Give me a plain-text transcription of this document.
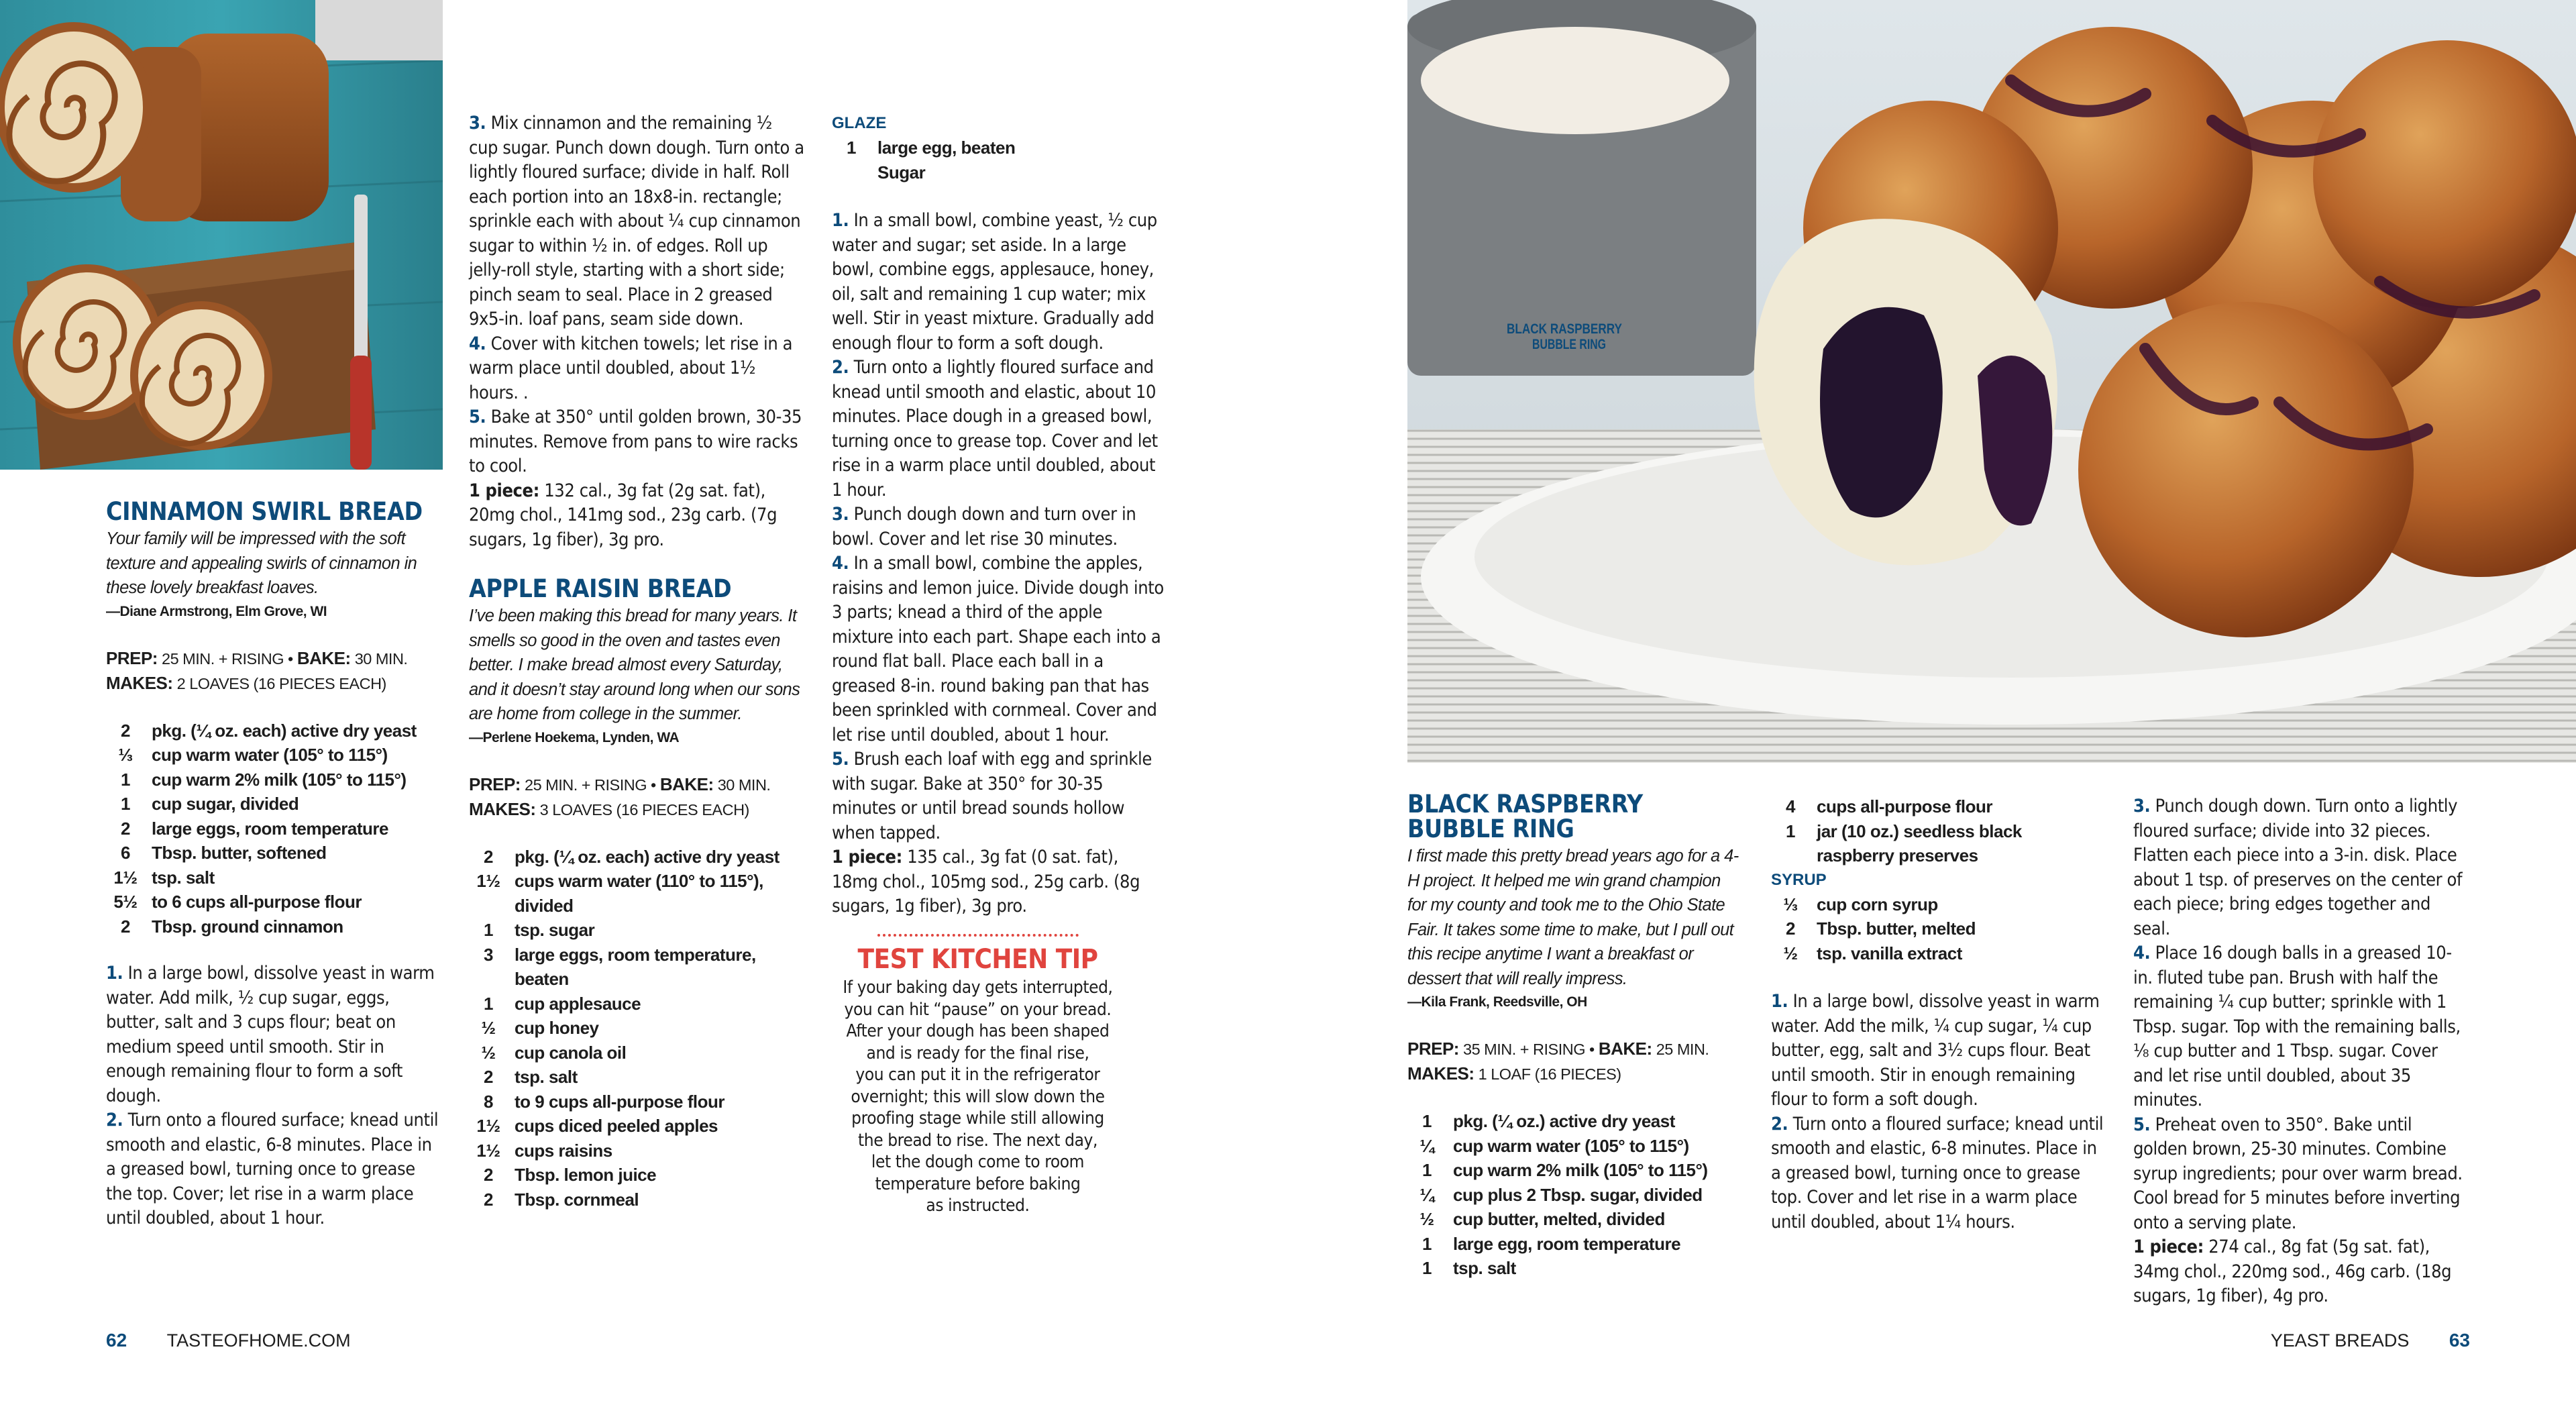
CINNAMON SWIRL BREAD
Your family will be impressed with the soft texture and appealing swirls of cinnamon in these lovely breakfast loaves.
—Diane Armstrong, Elm Grove, WI
PREP: 25 MIN. + RISING • BAKE: 30 MIN.
MAKES: 2 LOAVES (16 PIECES EACH)
2	pkg. (¼ oz. each) active dry yeast
⅓	cup warm water (105° to 115°)
1	cup warm 2% milk (105° to 115°)
1	cup sugar, divided
2	large eggs, room temperature
6	Tbsp. butter, softened
1½ tsp. salt
5½ to 6 cups all-purpose flour
2	Tbsp. ground cinnamon

1. In a large bowl, dissolve yeast in warm water. Add milk, ½ cup sugar, eggs, butter, salt and 3 cups flour; beat on medium speed until smooth. Stir in enough remaining flour to form a soft dough.

2. Turn onto a floured surface; knead until smooth and elastic, 6-8 minutes. Place in a greased bowl, turning once to grease the top. Cover; let rise in a warm place until doubled, about 1 hour.

3. Mix cinnamon and the remaining ½ cup sugar. Punch down dough. Turn onto a lightly floured surface; divide in half. Roll each portion into an 18x8-in. rectangle; sprinkle each with about ¼ cup cinnamon sugar to within ½ in. of edges. Roll up jelly-roll style, starting with a short side; pinch seam to seal. Place in 2 greased 9x5-in. loaf pans, seam side down.

4. Cover with kitchen towels; let rise in a warm place until doubled, about 1½ hours. .

5. Bake at 350° until golden brown, 30-35 minutes. Remove from pans to wire racks to cool.

1 piece: 132 cal., 3g fat (2g sat. fat), 20mg chol., 141mg sod., 23g carb. (7g sugars, 1g fiber), 3g pro.

APPLE RAISIN BREAD
I’ve been making this bread for many years. It smells so good in the oven and tastes even better. I make bread almost every Saturday, and it doesn’t stay around long when our sons are home from college in the summer.
—Perlene Hoekema, Lynden, WA
PREP: 25 MIN. + RISING • BAKE: 30 MIN.
MAKES: 3 LOAVES (16 PIECES EACH)
2	pkg. (¼ oz. each) active dry yeast
1½ cups warm water (110° to 115°), divided
1	tsp. sugar
3	large eggs, room temperature, beaten
1	cup applesauce
½	cup honey
½	cup canola oil
2	tsp. salt
8	to 9 cups all-purpose flour
1½ cups diced peeled apples
1½ cups raisins
2	Tbsp. lemon juice
2	Tbsp. cornmeal
GLAZE
1	large egg, beaten
Sugar

1. In a small bowl, combine yeast, ½ cup water and sugar; set aside. In a large bowl, combine eggs, applesauce, honey, oil, salt and remaining 1 cup water; mix well. Stir in yeast mixture. Gradually add enough flour to form a soft dough.

2. Turn onto a lightly floured surface and knead until smooth and elastic, about 10 minutes. Place dough in a greased bowl, turning once to grease top. Cover and let rise in a warm place until doubled, about 1 hour.

3. Punch dough down and turn over in bowl. Cover and let rise 30 minutes.

4. In a small bowl, combine the apples, raisins and lemon juice. Divide dough into 3 parts; knead a third of the apple mixture into each part. Shape each into a round flat ball. Place each ball in a greased 8-in. round baking pan that has been sprinkled with cornmeal. Cover and let rise until doubled, about 1 hour.

5. Brush each loaf with egg and sprinkle with sugar. Bake at 350° for 30-35 minutes or until bread sounds hollow when tapped.

1 piece: 135 cal., 3g fat (0 sat. fat), 18mg chol., 105mg sod., 25g carb. (8g sugars, 1g fiber), 3g pro.

TEST KITCHEN TIP
If your baking day gets interrupted,
you can hit “pause” on your bread.
After your dough has been shaped
and is ready for the final rise,
you can put it in the refrigerator
overnight; this will slow down the
proofing stage while still allowing
the bread to rise. The next day,
let the dough come to room
temperature before baking
as instructed.
62 TASTEOFHOME.COM
BLACK RASPBERRY
BUBBLE RING
BLACK RASPBERRY
BUBBLE RING
I first made this pretty bread years ago for a 4-H project. It helped me win grand champion for my county and took me to the Ohio State Fair. It takes some time to make, but I pull out this recipe anytime I want a breakfast or dessert that will really impress.
—Kila Frank, Reedsville, OH
PREP: 35 MIN. + RISING • BAKE: 25 MIN.
MAKES: 1 LOAF (16 PIECES)
1	pkg. (¼ oz.) active dry yeast
¼	cup warm water (105° to 115°)
1	cup warm 2% milk (105° to 115°)
¼	cup plus 2 Tbsp. sugar, divided
½	cup butter, melted, divided
1	large egg, room temperature
1	tsp. salt
4	cups all-purpose flour
1	jar (10 oz.) seedless black raspberry preserves
SYRUP
⅓	cup corn syrup
2	Tbsp. butter, melted
½	tsp. vanilla extract

1. In a large bowl, dissolve yeast in warm water. Add the milk, ¼ cup sugar, ¼ cup butter, egg, salt and 3½ cups flour. Beat until smooth. Stir in enough remaining flour to form a soft dough.

2. Turn onto a floured surface; knead until smooth and elastic, 6-8 minutes. Place in a greased bowl, turning once to grease top. Cover and let rise in a warm place until doubled, about 1¼ hours.

3. Punch dough down. Turn onto a lightly floured surface; divide into 32 pieces. Flatten each piece into a 3-in. disk. Place about 1 tsp. of preserves on the center of each piece; bring edges together and seal.

4. Place 16 dough balls in a greased 10-in. fluted tube pan. Brush with half the remaining ¼ cup butter; sprinkle with 1 Tbsp. sugar. Top with the remaining balls, ⅛ cup butter and 1 Tbsp. sugar. Cover and let rise until doubled, about 35 minutes.

5. Preheat oven to 350°. Bake until golden brown, 25-30 minutes. Combine syrup ingredients; pour over warm bread. Cool bread for 5 minutes before inverting onto a serving plate.

1 piece: 274 cal., 8g fat (5g sat. fat), 34mg chol., 220mg sod., 46g carb. (18g sugars, 1g fiber), 4g pro.

YEAST BREADS 63
